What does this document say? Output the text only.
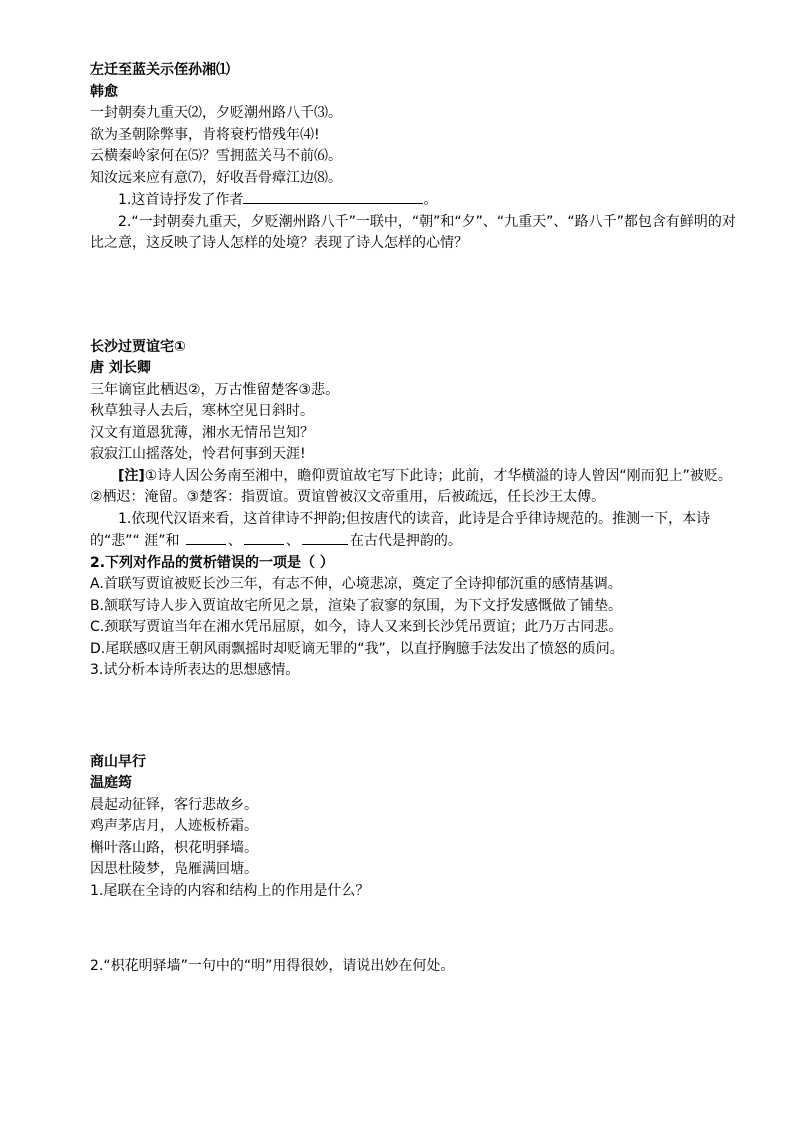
左迁至蓝关示侄孙湘⑴
韩愈
一封朝奏九重天⑵，夕贬潮州路八千⑶。
欲为圣朝除弊事，肯将衰朽惜残年⑷!
云横秦岭家何在⑸？雪拥蓝关马不前⑹。
知汝远来应有意⑺，好收吾骨瘴江边⑻。
1.这首诗抒发了作者	。
2.“一封朝奏九重天，夕贬潮州路八千”一联中，“朝”和“夕”、“九重天”、“路八千”都包含有鲜明的对比之意，这反映了诗人怎样的处境？表现了诗人怎样的心情？
长沙过贾谊宅①
唐 刘长卿
三年谪宦此栖迟②，万古惟留楚客③悲。
秋草独寻人去后，寒林空见日斜时。
汉文有道恩犹薄，湘水无情吊岂知？
寂寂江山摇落处，怜君何事到天涯!
[注]①诗人因公务南至湘中，瞻仰贾谊故宅写下此诗；此前，才华横溢的诗人曾因“刚而犯上”被贬。②栖迟：淹留。③楚客：指贾谊。贾谊曾被汉文帝重用，后被疏远，任长沙王太傅。
1.依现代汉语来看，这首律诗不押韵;但按唐代的读音，此诗是合乎律诗规范的。推测一下，本诗的“悲”“ 涯”和	、	、	在古代是押韵的。
2.下列对作品的赏析错误的一项是（ ）
A.首联写贾谊被贬长沙三年，有志不伸，心境悲凉，奠定了全诗抑郁沉重的感情基调。
B.颔联写诗人步入贾谊故宅所见之景，渲染了寂寥的氛围，为下文抒发感慨做了铺垫。
C.颈联写贾谊当年在湘水凭吊屈原，如今，诗人又来到长沙凭吊贾谊；此乃万古同悲。
D.尾联感叹唐王朝风雨飘摇时却贬谪无罪的“我”，以直抒胸臆手法发出了愤怒的质问。
3.试分析本诗所表达的思想感情。
商山早行
温庭筠
晨起动征铎，客行悲故乡。
鸡声茅店月，人迹板桥霜。
槲叶落山路，枳花明驿墙。
因思杜陵梦，凫雁满回塘。
1.尾联在全诗的内容和结构上的作用是什么？
2.“枳花明驿墙”一句中的“明”用得很妙，请说出妙在何处。
